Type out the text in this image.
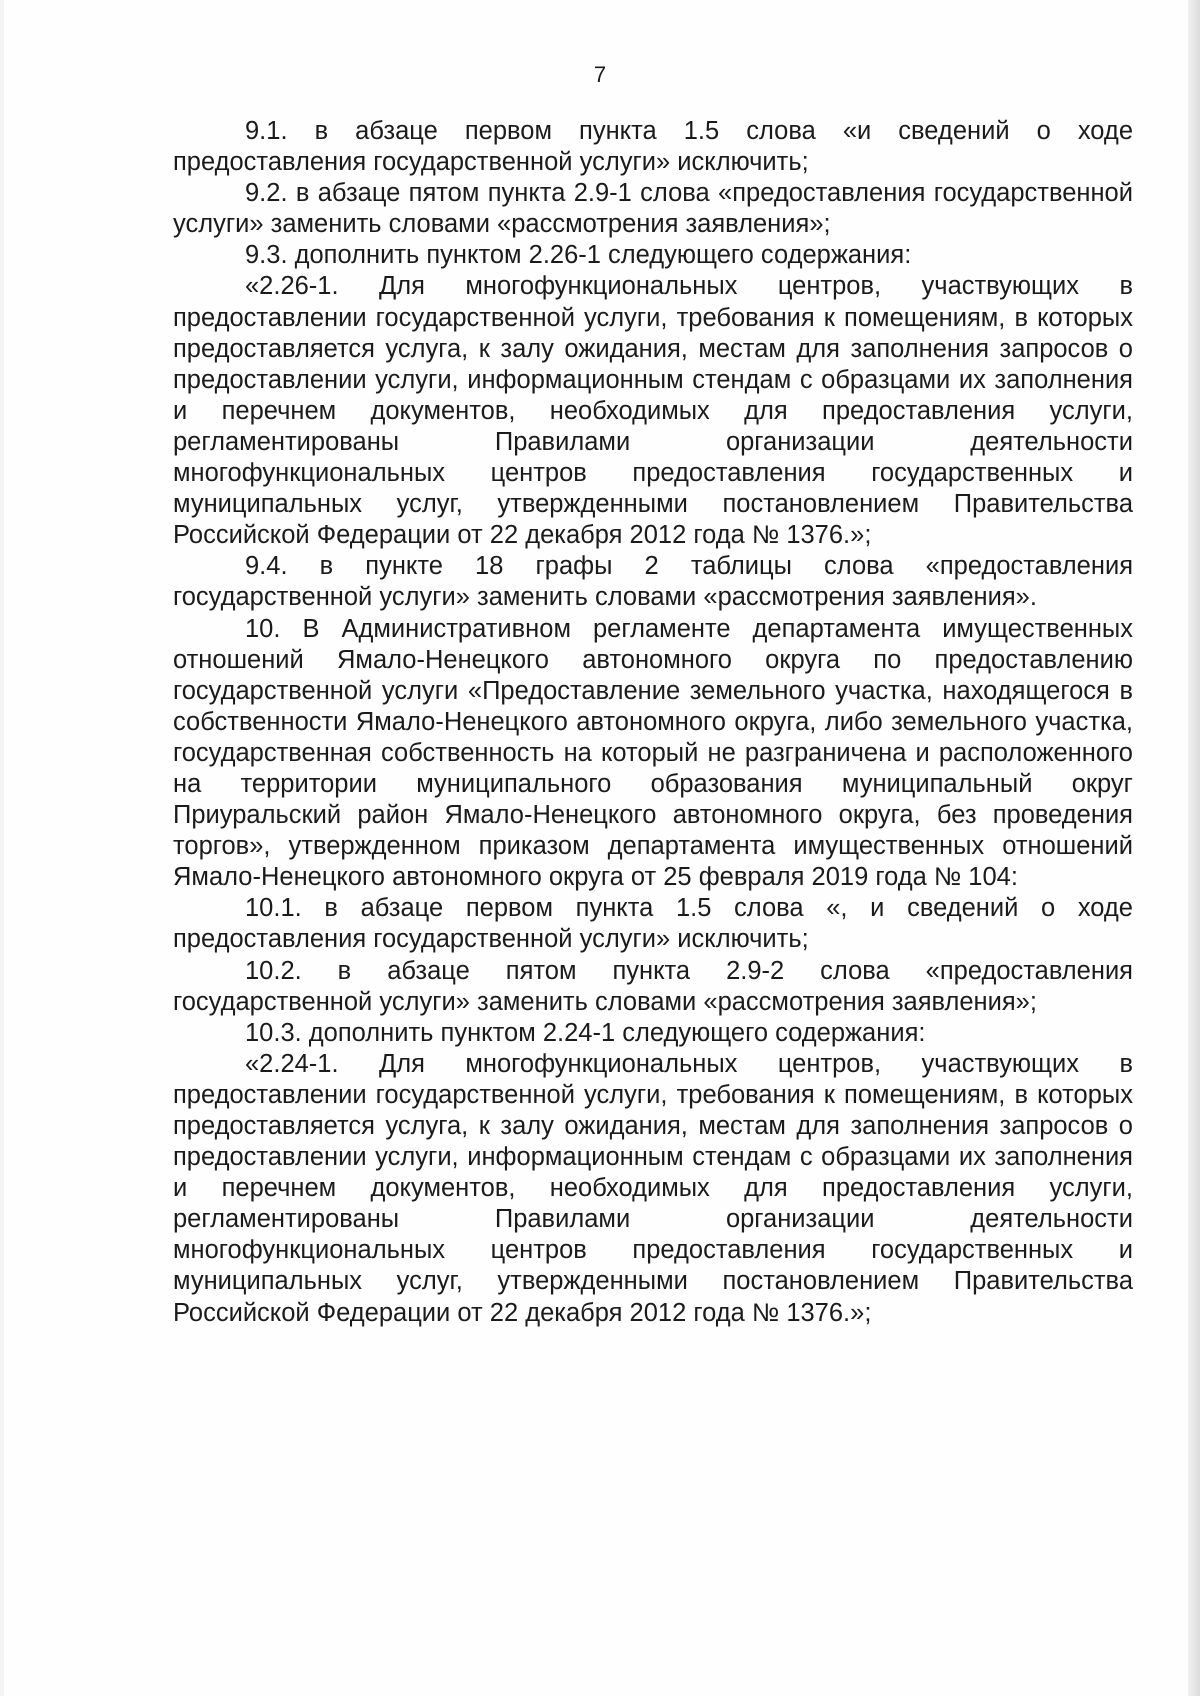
7

9.1. в абзаце первом пункта 1.5 слова «и сведений о ходе предоставления государственной услуги» исключить;

9.2. в абзаце пятом пункта 2.9-1 слова «предоставления государственной услуги» заменить словами «рассмотрения заявления»;

9.3. дополнить пунктом 2.26-1 следующего содержания:

«2.26-1. Для многофункциональных центров, участвующих в предоставлении государственной услуги, требования к помещениям, в которых предоставляется услуга, к залу ожидания, местам для заполнения запросов о предоставлении услуги, информационным стендам с образцами их заполнения и перечнем документов, необходимых для предоставления услуги, регламентированы Правилами организации деятельности многофункциональных центров предоставления государственных и муниципальных услуг, утвержденными постановлением Правительства Российской Федерации от 22 декабря 2012 года № 1376.»;

9.4. в пункте 18 графы 2 таблицы слова «предоставления государственной услуги» заменить словами «рассмотрения заявления».

10. В Административном регламенте департамента имущественных отношений Ямало-Ненецкого автономного округа по предоставлению государственной услуги «Предоставление земельного участка, находящегося в собственности Ямало-Ненецкого автономного округа, либо земельного участка, государственная собственность на который не разграничена и расположенного на территории муниципального образования муниципальный округ Приуральский район Ямало-Ненецкого автономного округа, без проведения торгов», утвержденном приказом департамента имущественных отношений Ямало-Ненецкого автономного округа от 25 февраля 2019 года № 104:

10.1. в абзаце первом пункта 1.5 слова «, и сведений о ходе предоставления государственной услуги» исключить;

10.2. в абзаце пятом пункта 2.9-2 слова «предоставления государственной услуги» заменить словами «рассмотрения заявления»;

10.3. дополнить пунктом 2.24-1 следующего содержания:

«2.24-1. Для многофункциональных центров, участвующих в предоставлении государственной услуги, требования к помещениям, в которых предоставляется услуга, к залу ожидания, местам для заполнения запросов о предоставлении услуги, информационным стендам с образцами их заполнения и перечнем документов, необходимых для предоставления услуги, регламентированы Правилами организации деятельности многофункциональных центров предоставления государственных и муниципальных услуг, утвержденными постановлением Правительства Российской Федерации от 22 декабря 2012 года № 1376.»;
